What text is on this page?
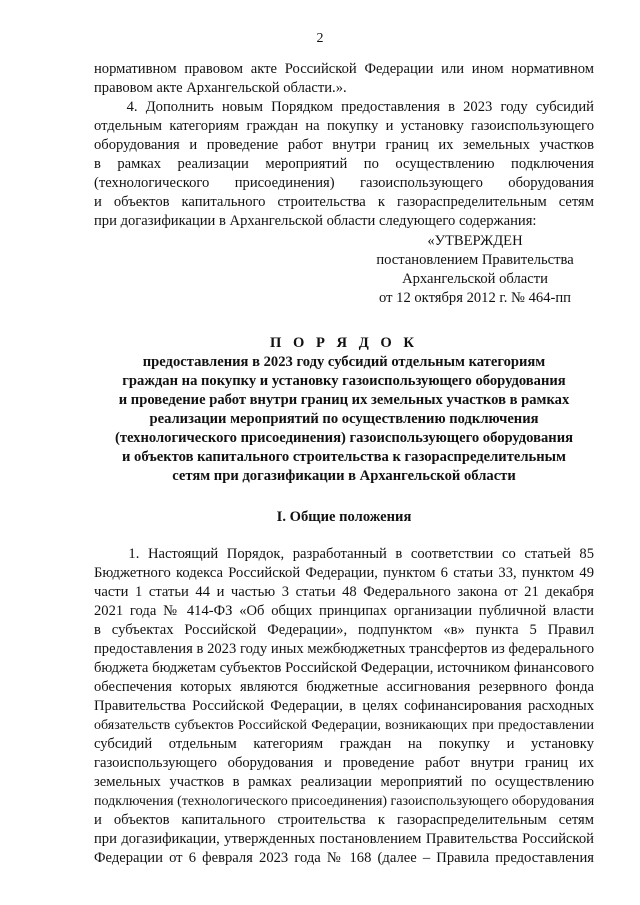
2
нормативном правовом акте Российской Федерации или ином нормативном
правовом акте Архангельской области.».
4. Дополнить новым Порядком предоставления в 2023 году субсидий
отдельным категориям граждан на покупку и установку газоиспользующего
оборудования и проведение работ внутри границ их земельных участков
в рамках реализации мероприятий по осуществлению подключения
(технологического присоединения) газоиспользующего оборудования
и объектов капитального строительства к газораспределительным сетям
при догазификации в Архангельской области следующего содержания:
«УТВЕРЖДЕН
постановлением Правительства
Архангельской области
от 12 октября 2012 г. № 464-пп
П О Р Я Д О К
предоставления в 2023 году субсидий отдельным категориям
граждан на покупку и установку газоиспользующего оборудования
и проведение работ внутри границ их земельных участков в рамках
реализации мероприятий по осуществлению подключения
(технологического присоединения) газоиспользующего оборудования
и объектов капитального строительства к газораспределительным
сетям при догазификации в Архангельской области
I. Общие положения
1. Настоящий Порядок, разработанный в соответствии со статьей 85
Бюджетного кодекса Российской Федерации, пунктом 6 статьи 33, пунктом 49
части 1 статьи 44 и частью 3 статьи 48 Федерального закона от 21 декабря
2021 года № 414-ФЗ «Об общих принципах организации публичной власти
в субъектах Российской Федерации», подпунктом «в» пункта 5 Правил
предоставления в 2023 году иных межбюджетных трансфертов из федерального
бюджета бюджетам субъектов Российской Федерации, источником финансового
обеспечения которых являются бюджетные ассигнования резервного фонда
Правительства Российской Федерации, в целях софинансирования расходных
обязательств субъектов Российской Федерации, возникающих при предоставлении
субсидий отдельным категориям граждан на покупку и установку
газоиспользующего оборудования и проведение работ внутри границ их
земельных участков в рамках реализации мероприятий по осуществлению
подключения (технологического присоединения) газоиспользующего оборудования
и объектов капитального строительства к газораспределительным сетям
при догазификации, утвержденных постановлением Правительства Российской
Федерации от 6 февраля 2023 года № 168 (далее – Правила предоставления
